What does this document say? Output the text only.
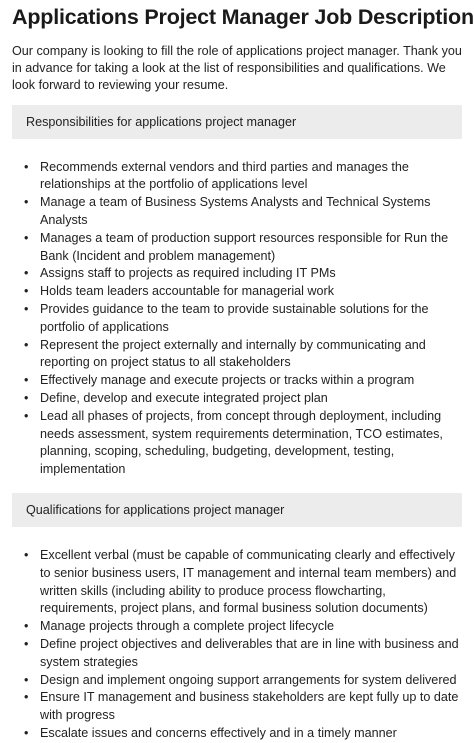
Applications Project Manager Job Description

Our company is looking to fill the role of applications project manager. Thank you in advance for taking a look at the list of responsibilities and qualifications. We look forward to reviewing your resume.

Responsibilities for applications project manager
• Recommends external vendors and third parties and manages the relationships at the portfolio of applications level
• Manage a team of Business Systems Analysts and Technical Systems Analysts
• Manages a team of production support resources responsible for Run the Bank (Incident and problem management)
• Assigns staff to projects as required including IT PMs
• Holds team leaders accountable for managerial work
• Provides guidance to the team to provide sustainable solutions for the portfolio of applications
• Represent the project externally and internally by communicating and reporting on project status to all stakeholders
• Effectively manage and execute projects or tracks within a program
• Define, develop and execute integrated project plan
• Lead all phases of projects, from concept through deployment, including needs assessment, system requirements determination, TCO estimates, planning, scoping, scheduling, budgeting, development, testing, implementation
Qualifications for applications project manager
• Excellent verbal (must be capable of communicating clearly and effectively to senior business users, IT management and internal team members) and written skills (including ability to produce process flowcharting, requirements, project plans, and formal business solution documents)
• Manage projects through a complete project lifecycle
• Define project objectives and deliverables that are in line with business and system strategies
• Design and implement ongoing support arrangements for system delivered
• Ensure IT management and business stakeholders are kept fully up to date with progress
• Escalate issues and concerns effectively and in a timely manner
